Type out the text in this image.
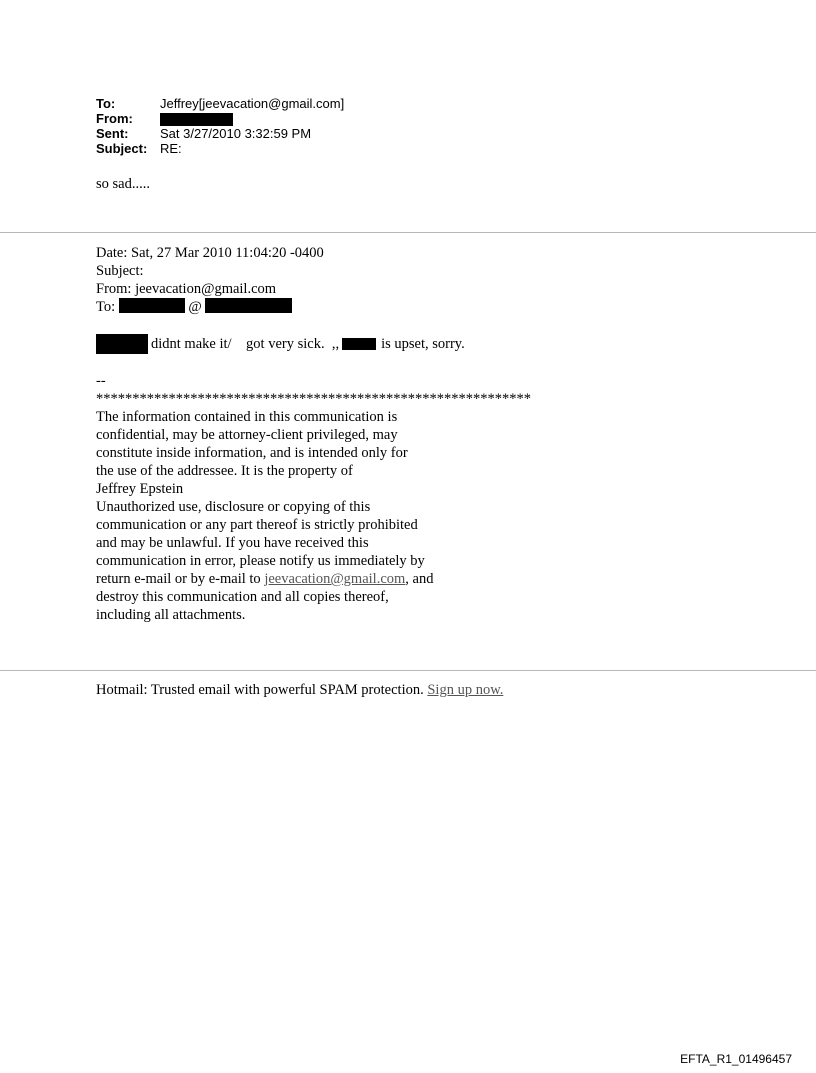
To:	Jeffrey[jeevacation@gmail.com]
From:
Sent:	Sat 3/27/2010 3:32:59 PM
Subject: RE:
so sad.....
Date: Sat, 27 Mar 2010 11:04:20 -0400
Subject:
From: jeevacation@gmail.com
To:	@
didnt make it/    got very sick.  ,,	is upset, sorry.
--
************************************************************
The information contained in this communication is
confidential, may be attorney-client privileged, may
constitute inside information, and is intended only for
the use of the addressee. It is the property of
Jeffrey Epstein
Unauthorized use, disclosure or copying of this
communication or any part thereof is strictly prohibited
and may be unlawful. If you have received this
communication in error, please notify us immediately by
return e-mail or by e-mail to jeevacation@gmail.com, and
destroy this communication and all copies thereof,
including all attachments.
Hotmail: Trusted email with powerful SPAM protection. Sign up now.
EFTA_R1_01496457
